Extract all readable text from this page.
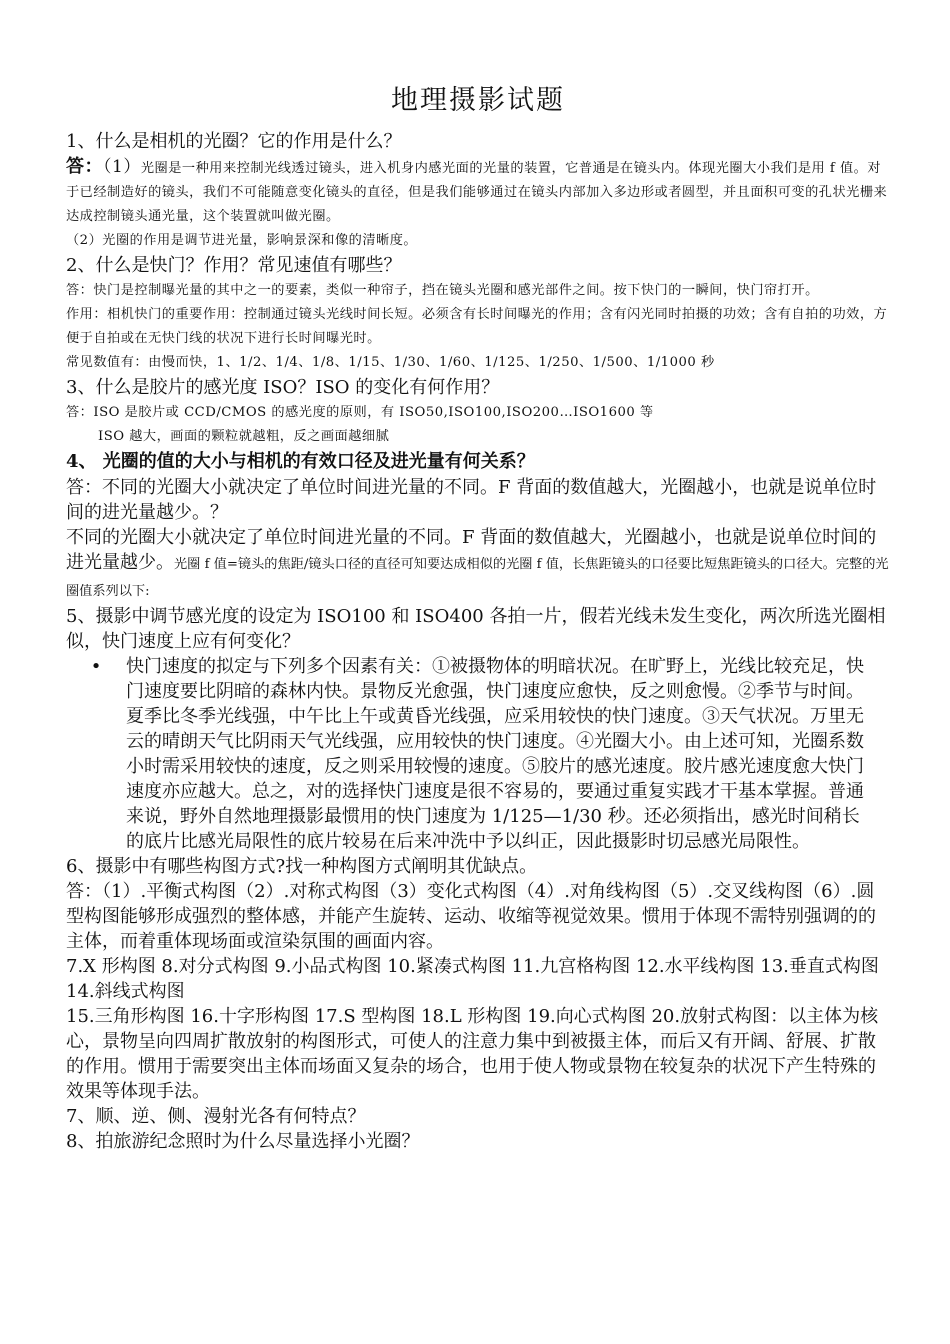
地理摄影试题

1、什么是相机的光圈？它的作用是什么？

答：（1）光圈是一种用来控制光线透过镜头，进入机身内感光面的光量的装置，它普通是在镜头内。体现光圈大小我们是用 f 值。对于已经制造好的镜头，我们不可能随意变化镜头的直径，但是我们能够通过在镜头内部加入多边形或者圆型，并且面积可变的孔状光栅来达成控制镜头通光量，这个装置就叫做光圈。

（2）光圈的作用是调节进光量，影响景深和像的清晰度。

2、什么是快门？作用？常见速值有哪些？

答：快门是控制曝光量的其中之一的要素，类似一种帘子，挡在镜头光圈和感光部件之间。按下快门的一瞬间，快门帘打开。

作用：相机快门的重要作用：控制通过镜头光线时间长短。必须含有长时间曝光的作用；含有闪光同时拍摄的功效；含有自拍的功效，方便于自拍或在无快门线的状况下进行长时间曝光时。

常见数值有：由慢而快，1、1/2、1/4、1/8、1/15、1/30、1/60、1/125、1/250、1/500、1/1000 秒

3、什么是胶片的感光度 ISO？ISO 的变化有何作用？

答：ISO 是胶片或 CCD/CMOS 的感光度的原则，有 ISO50,ISO100,ISO200…ISO1600 等

ISO 越大，画面的颗粒就越粗，反之画面越细腻

4、 光圈的值的大小与相机的有效口径及进光量有何关系？

答：不同的光圈大小就决定了单位时间进光量的不同。F 背面的数值越大，光圈越小，也就是说单位时间的进光量越少。？

不同的光圈大小就决定了单位时间进光量的不同。F 背面的数值越大，光圈越小，也就是说单位时间的进光量越少。光圈 f 值=镜头的焦距/镜头口径的直径可知要达成相似的光圈 f 值，长焦距镜头的口径要比短焦距镜头的口径大。完整的光圈值系列以下:

5、摄影中调节感光度的设定为 ISO100 和 ISO400 各拍一片，假若光线未发生变化，两次所选光圈相似，快门速度上应有何变化？

•	快门速度的拟定与下列多个因素有关：①被摄物体的明暗状况。在旷野上，光线比较充足，快门速度要比阴暗的森林内快。景物反光愈强，快门速度应愈快，反之则愈慢。②季节与时间。夏季比冬季光线强，中午比上午或黄昏光线强，应采用较快的快门速度。③天气状况。万里无云的晴朗天气比阴雨天气光线强，应用较快的快门速度。④光圈大小。由上述可知，光圈系数小时需采用较快的速度，反之则采用较慢的速度。⑤胶片的感光速度。胶片感光速度愈大快门速度亦应越大。总之，对的选择快门速度是很不容易的，要通过重复实践才干基本掌握。普通来说，野外自然地理摄影最惯用的快门速度为 1/125—1/30 秒。还必须指出，感光时间稍长的底片比感光局限性的底片较易在后来冲洗中予以纠正，因此摄影时切忌感光局限性。

6、摄影中有哪些构图方式?找一种构图方式阐明其优缺点。

答：（1）.平衡式构图（2）.对称式构图（3）变化式构图（4）.对角线构图（5）.交叉线构图（6）.圆型构图能够形成强烈的整体感，并能产生旋转、运动、收缩等视觉效果。惯用于体现不需特别强调的的主体，而着重体现场面或渲染氛围的画面内容。

7.X 形构图 8.对分式构图 9.小品式构图 10.紧凑式构图 11.九宫格构图 12.水平线构图 13.垂直式构图 14.斜线式构图

15.三角形构图 16.十字形构图 17.S 型构图 18.L 形构图 19.向心式构图 20.放射式构图：以主体为核心，景物呈向四周扩散放射的构图形式，可使人的注意力集中到被摄主体，而后又有开阔、舒展、扩散的作用。惯用于需要突出主体而场面又复杂的场合，也用于使人物或景物在较复杂的状况下产生特殊的效果等体现手法。

7、顺、逆、侧、漫射光各有何特点？

8、拍旅游纪念照时为什么尽量选择小光圈？
